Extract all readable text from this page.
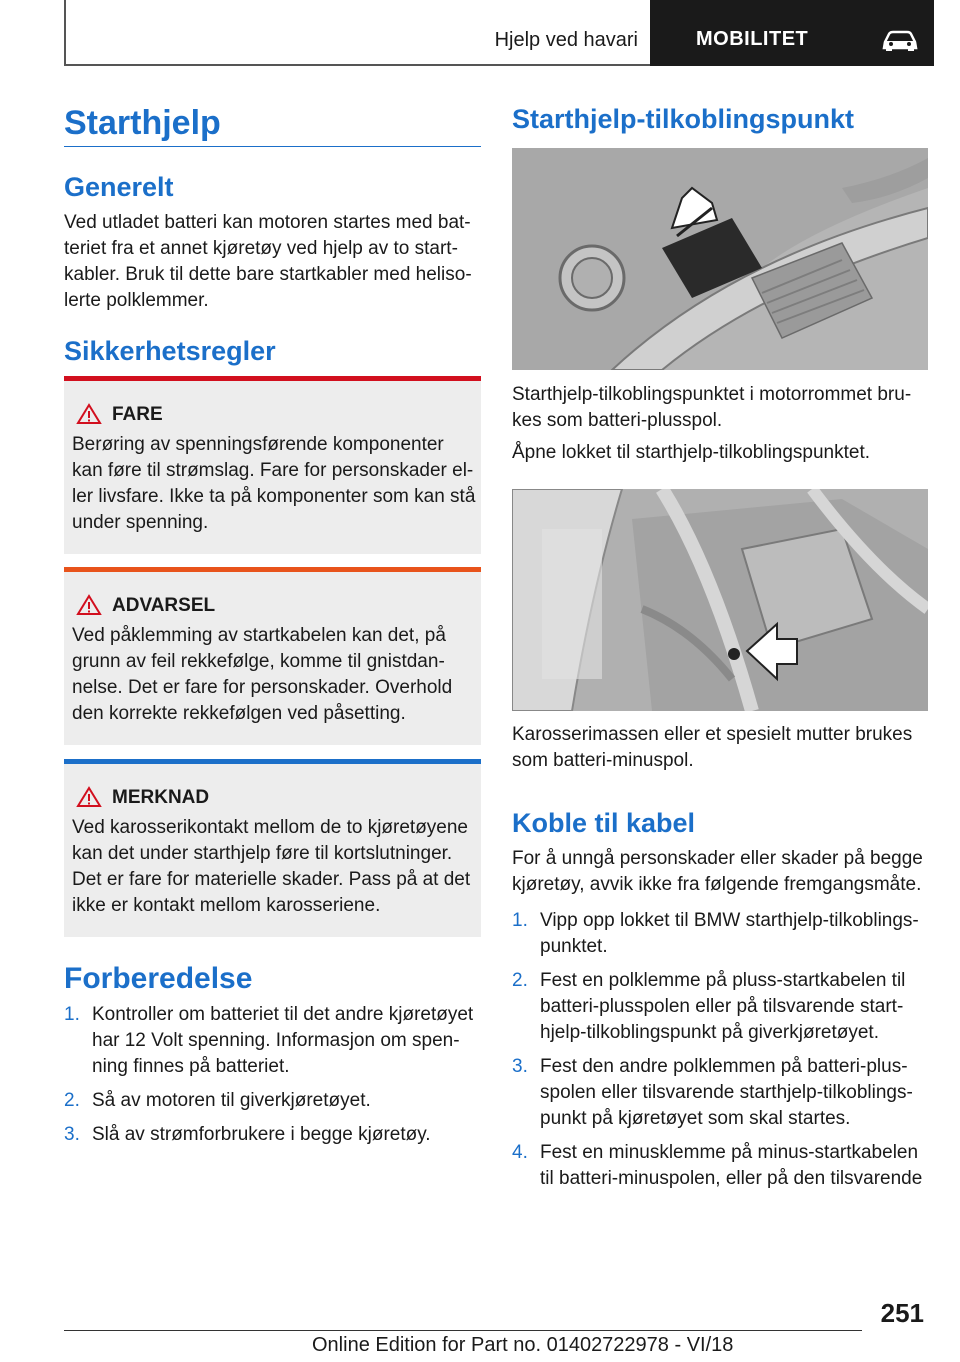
Hjelp ved havari	MOBILITET
Starthjelp
Generelt

Ved utladet batteri kan motoren startes med batteriet fra et annet kjøretøy ved hjelp av to startkabler. Bruk til dette bare startkabler med helisolerte polklemmer.

Sikkerhetsregler
FARE
Berøring av spenningsførende komponenter kan føre til strømslag. Fare for personskader eller livsfare. Ikke ta på komponenter som kan stå under spenning.
ADVARSEL
Ved påklemming av startkabelen kan det, på grunn av feil rekkefølge, komme til gnistdannelse. Det er fare for personskader. Overhold den korrekte rekkefølgen ved påsetting.
MERKNAD
Ved karosserikontakt mellom de to kjøretøyene kan det under starthjelp føre til kortslutninger. Det er fare for materielle skader. Pass på at det ikke er kontakt mellom karosseriene.
Forberedelse
1. Kontroller om batteriet til det andre kjøretøyet har 12 Volt spenning. Informasjon om spenning finnes på batteriet.
2. Så av motoren til giverkjøretøyet.
3. Slå av strømforbrukere i begge kjøretøy.
Starthjelp-tilkoblingspunkt

Starthjelp-tilkoblingspunktet i motorrommet brukes som batteri-plusspol.

Åpne lokket til starthjelp-tilkoblingspunktet.

Karosserimassen eller et spesielt mutter brukes som batteri-minuspol.

Koble til kabel

For å unngå personskader eller skader på begge kjøretøy, avvik ikke fra følgende fremgangsmåte.

1. Vipp opp lokket til BMW starthjelp-tilkoblingspunktet.
2. Fest en polklemme på pluss-startkabelen til batteri-plusspolen eller på tilsvarende starthjelp-tilkoblingspunkt på giverkjøretøyet.
3. Fest den andre polklemmen på batteri-plusspolen eller tilsvarende starthjelp-tilkoblingspunkt på kjøretøyet som skal startes.
4. Fest en minusklemme på minus-startkabelen til batteri-minuspolen, eller på den tilsvarende
251
Online Edition for Part no. 01402722978 - VI/18
